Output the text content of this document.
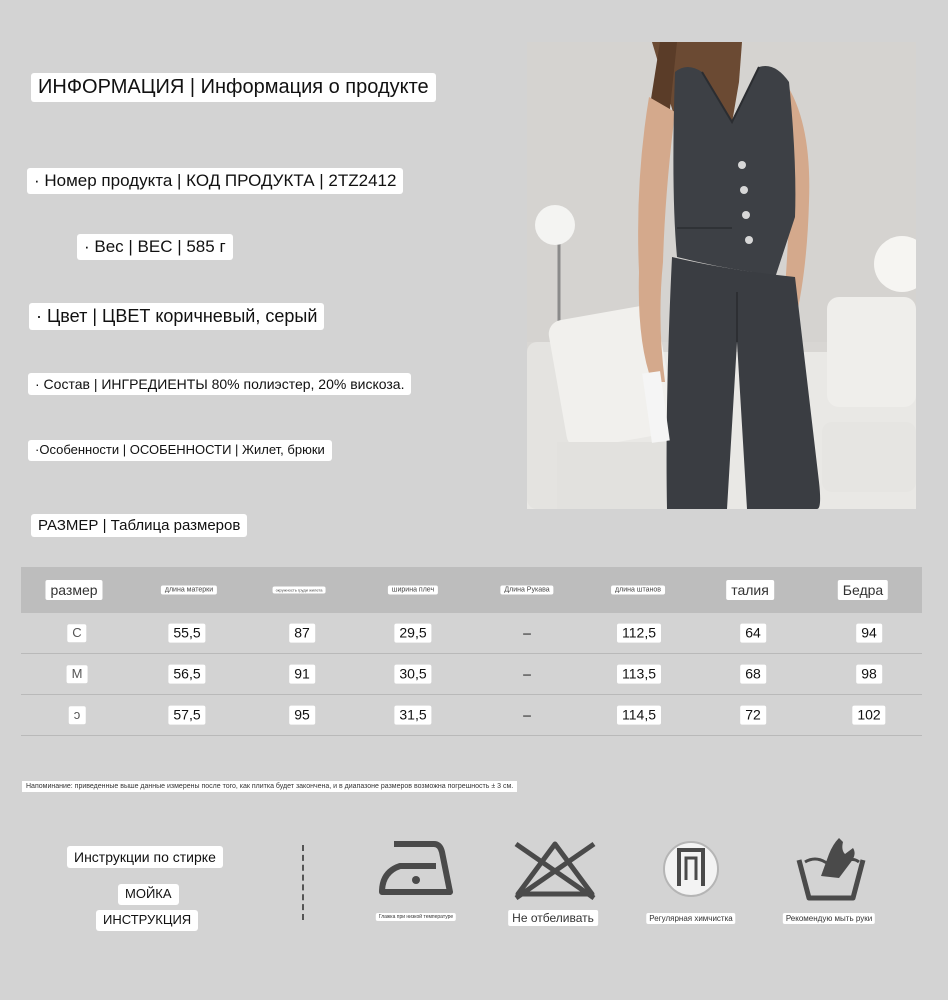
ИНФОРМАЦИЯ | Информация о продукте
· Номер продукта | КОД ПРОДУКТА | 2TZ2412
· Вес | ВЕС | 585 г
· Цвет | ЦВЕТ коричневый, серый
· Состав | ИНГРЕДИЕНТЫ 80% полиэстер, 20% вискоза.
·Особенности | ОСОБЕННОСТИ | Жилет, брюки
РАЗМЕР | Таблица размеров
размер	длина матерки	окружность груди жилета	ширина плеч	Длина Рукава	длина штанов	талия	Бедра
С	55,5	87	29,5	–	112,5	64	94
М	56,5	91	30,5	–	113,5	68	98
ɔ	57,5	95	31,5	–	114,5	72	102
Напоминание: приведенные выше данные измерены после того, как плитка будет закончена, и в диапазоне размеров возможна погрешность ± 3 см.
Инструкции по стирке
МОЙКА
ИНСТРУКЦИЯ	Глажка при низкой температуре	Не отбеливать	Регулярная химчистка	Рекомендую мыть руки
